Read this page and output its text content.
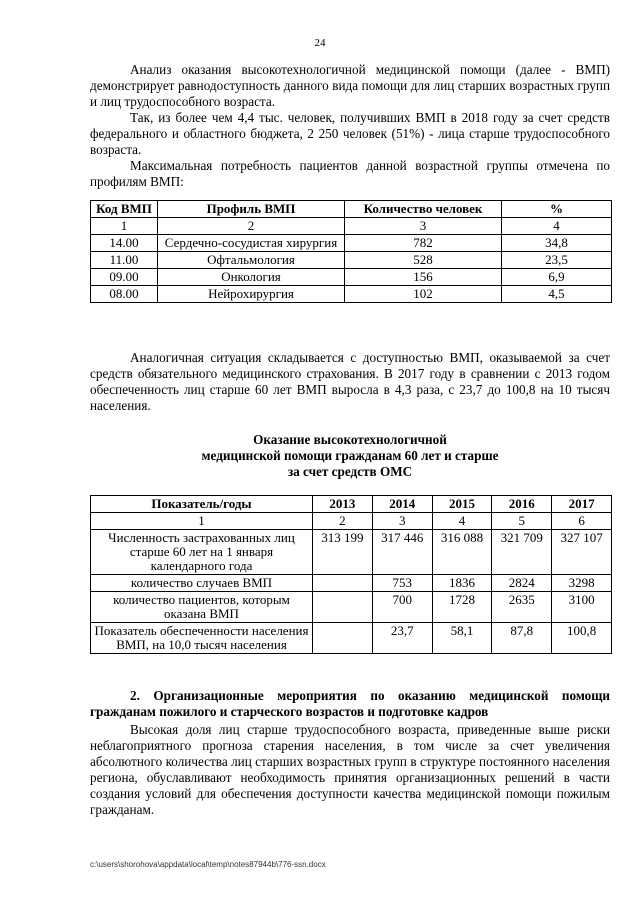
24

Анализ оказания высокотехнологичной медицинской помощи (далее - ВМП) демонстрирует равнодоступность данного вида помощи для лиц старших возрастных групп и лиц трудоспособного возраста.

Так, из более чем 4,4 тыс. человек, получивших ВМП в 2018 году за счет средств федерального и областного бюджета, 2 250 человек (51%) - лица старше трудоспособного возраста.

Максимальная потребность пациентов данной возрастной группы отмечена по профилям ВМП:

Код ВМП	Профиль ВМП	Количество человек	%
1	2	3	4
14.00	Сердечно-сосудистая хирургия	782	34,8
11.00	Офтальмология	528	23,5
09.00	Онкология	156	6,9
08.00	Нейрохирургия	102	4,5

Аналогичная ситуация складывается с доступностью ВМП, оказываемой за счет средств обязательного медицинского страхования. В 2017 году в сравнении с 2013 годом обеспеченность лиц старше 60 лет ВМП выросла в 4,3 раза, с 23,7 до 100,8 на 10 тысяч населения.

Оказание высокотехнологичной
медицинской помощи гражданам 60 лет и старше
за счет средств ОМС
Показатель/годы	2013	2014	2015	2016	2017
1	2	3	4	5	6
Численность застрахованных лиц старше 60 лет на 1 января календарного года	313 199	317 446	316 088	321 709	327 107
количество случаев ВМП		753	1836	2824	3298
количество пациентов, которым оказана ВМП		700	1728	2635	3100
Показатель обеспеченности населения ВМП, на 10,0 тысяч населения		23,7	58,1	87,8	100,8
2. Организационные мероприятия по оказанию медицинской помощи гражданам пожилого и старческого возрастов и подготовке кадров

Высокая доля лиц старше трудоспособного возраста, приведенные выше риски неблагоприятного прогноза старения населения, в том числе за счет увеличения абсолютного количества лиц старших возрастных групп в структуре постоянного населения региона, обуславливают необходимость принятия организационных решений в части создания условий для обеспечения доступности качества медицинской помощи пожилым гражданам.

c:\users\shorohova\appdata\local\temp\notes87944b\776-ssn.docx
